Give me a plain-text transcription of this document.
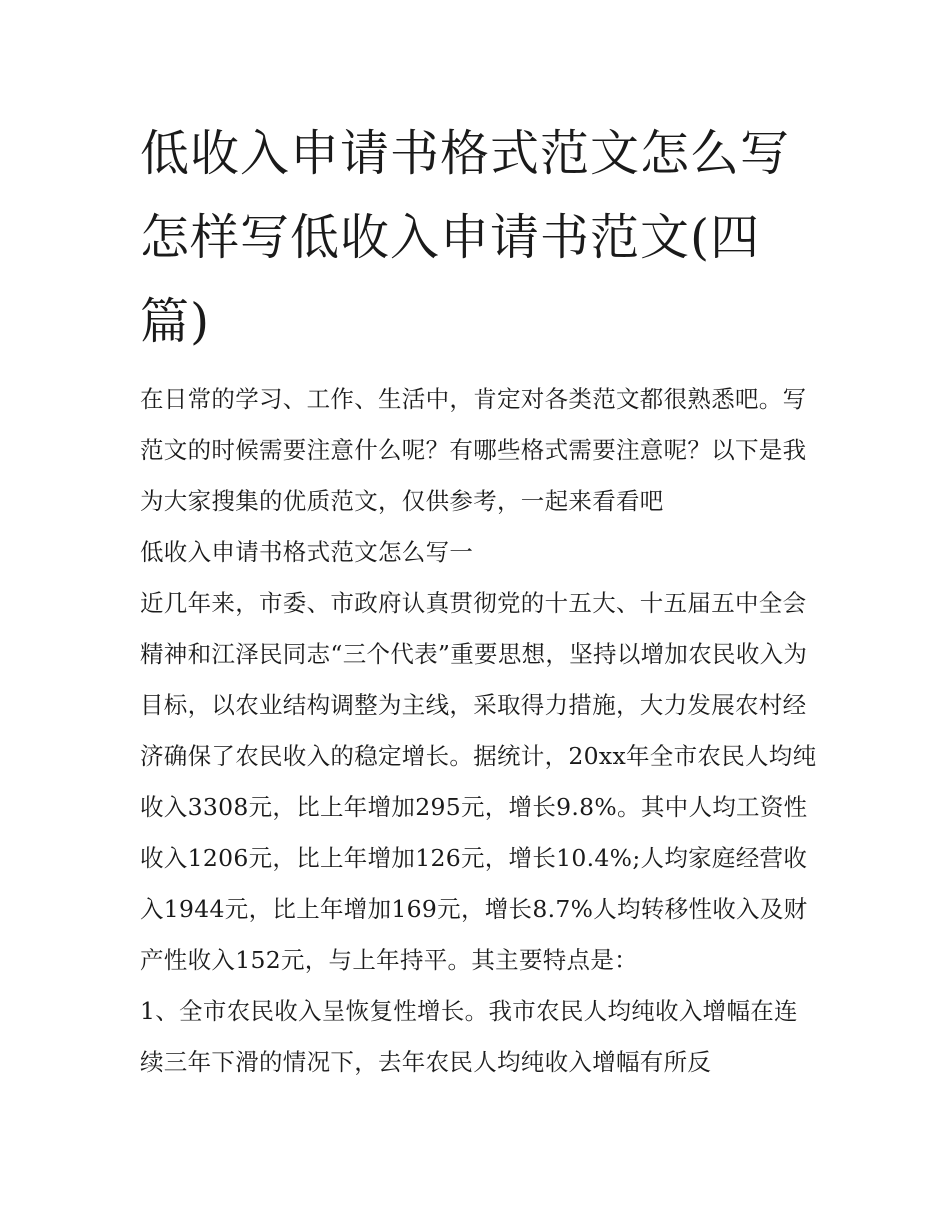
低收入申请书格式范文怎么写怎样写低收入申请书范文(四篇)

在日常的学习、工作、生活中，肯定对各类范文都很熟悉吧。写范文的时候需要注意什么呢？有哪些格式需要注意呢？以下是我为大家搜集的优质范文，仅供参考，一起来看看吧

低收入申请书格式范文怎么写一

近几年来，市委、市政府认真贯彻党的十五大、十五届五中全会精神和江泽民同志“三个代表”重要思想，坚持以增加农民收入为目标，以农业结构调整为主线，采取得力措施，大力发展农村经济确保了农民收入的稳定增长。据统计，20xx年全市农民人均纯收入3308元，比上年增加295元，增长9.8%。其中人均工资性收入1206元，比上年增加126元，增长10.4%;人均家庭经营收入1944元，比上年增加169元，增长8.7%人均转移性收入及财产性收入152元，与上年持平。其主要特点是：

1、全市农民收入呈恢复性增长。我市农民人均纯收入增幅在连续三年下滑的情况下，去年农民人均纯收入增幅有所反
